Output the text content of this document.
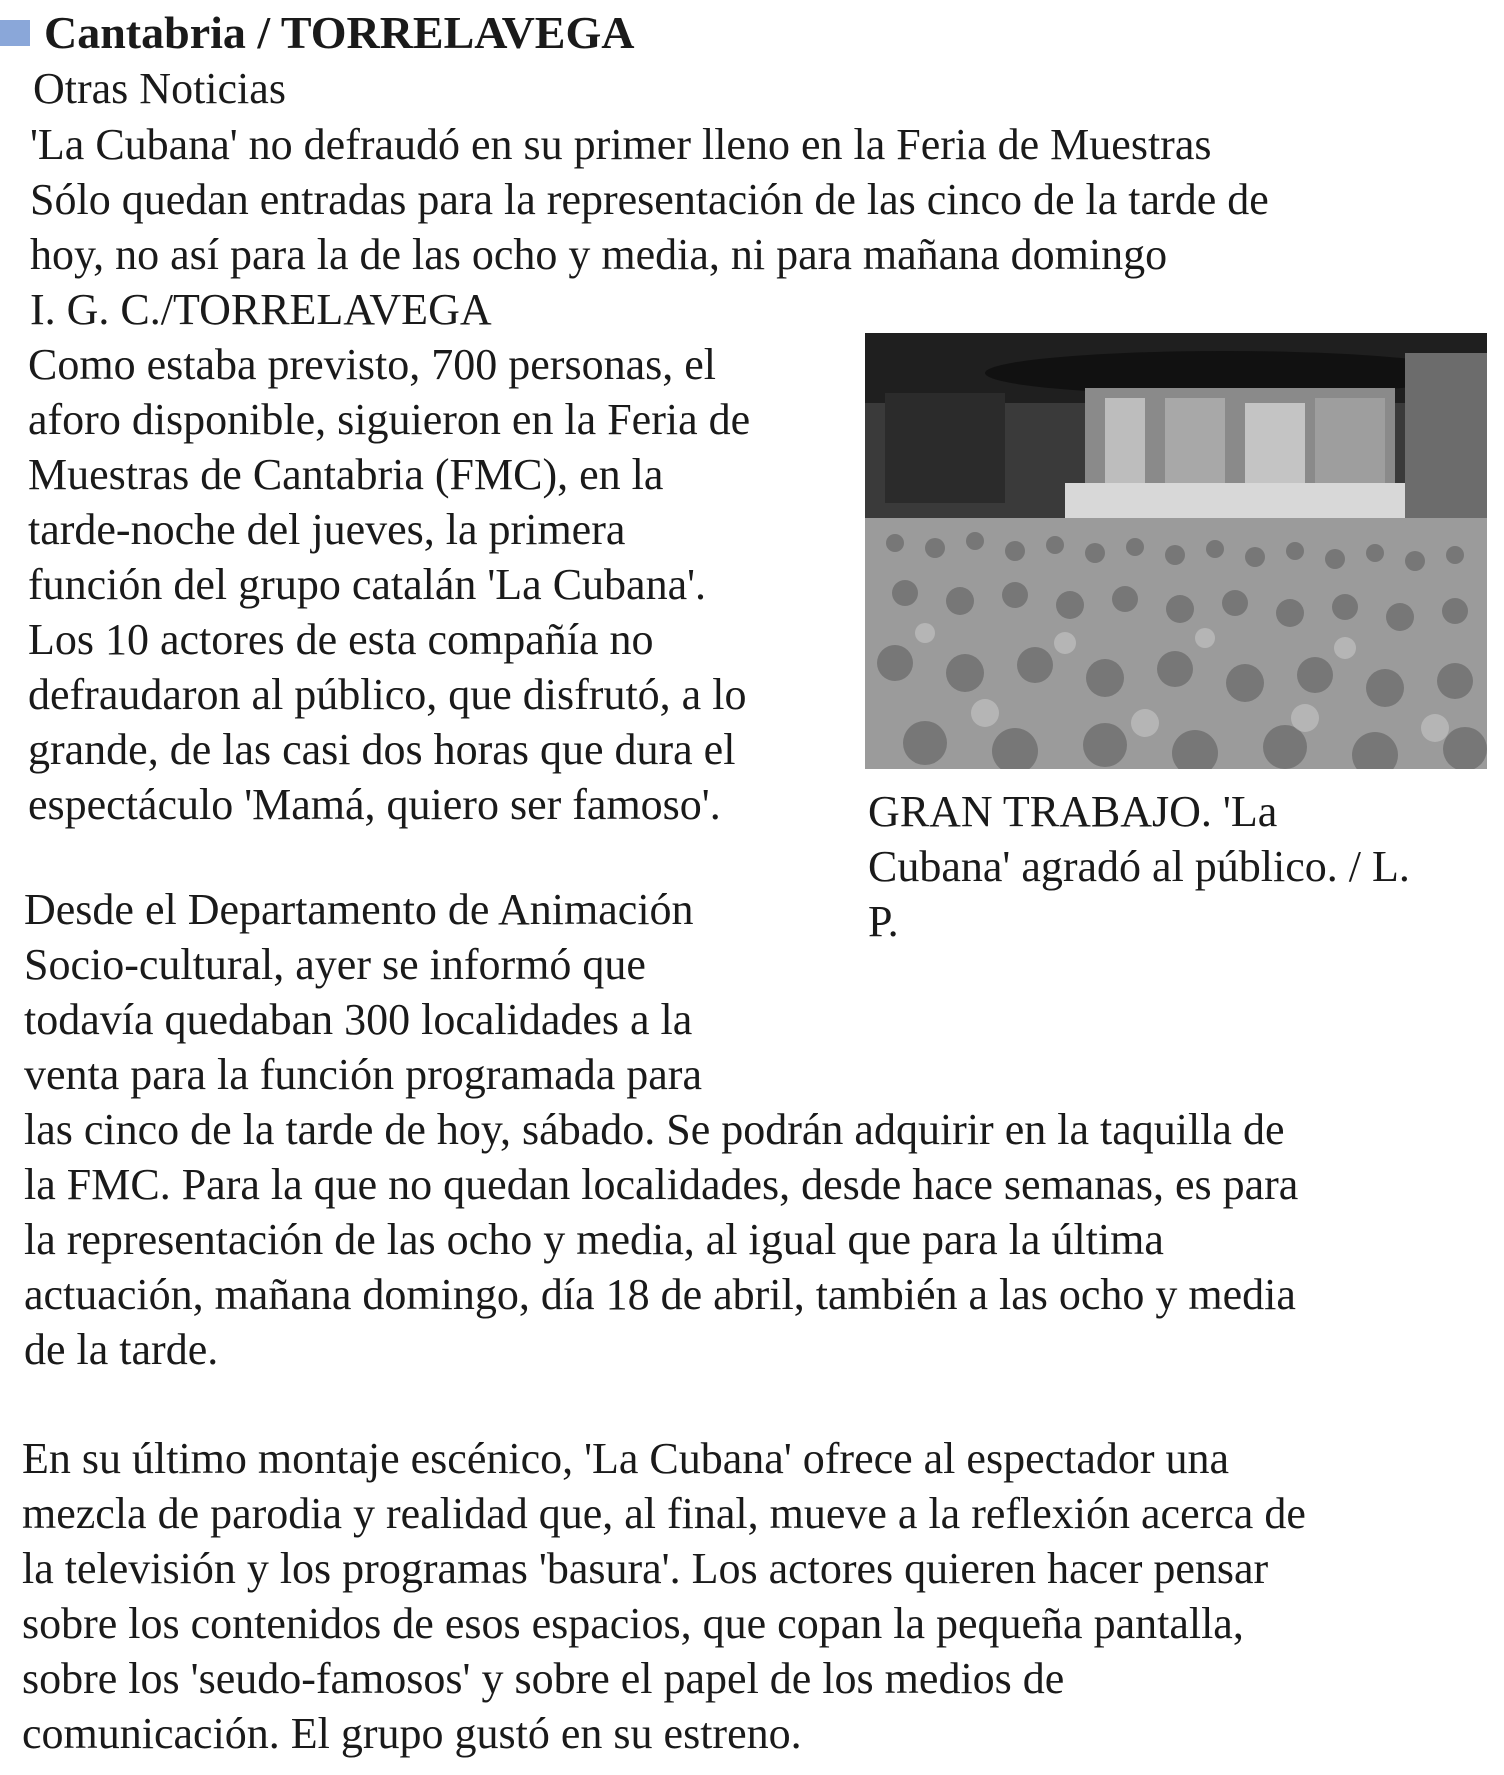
Cantabria / TORRELAVEGA
Otras Noticias
'La Cubana' no defraudó en su primer lleno en la Feria de Muestras
Sólo quedan entradas para la representación de las cinco de la tarde de
hoy, no así para la de las ocho y media, ni para mañana domingo
I. G. C./TORRELAVEGA
Como estaba previsto, 700 personas, el
aforo disponible, siguieron en la Feria de
Muestras de Cantabria (FMC), en la
tarde-noche del jueves, la primera
función del grupo catalán 'La Cubana'.
Los 10 actores de esta compañía no
defraudaron al público, que disfrutó, a lo
grande, de las casi dos horas que dura el
espectáculo 'Mamá, quiero ser famoso'.	GRAN TRABAJO. 'La
Cubana' agradó al público. / L.
P.
Desde el Departamento de Animación
Socio-cultural, ayer se informó que
todavía quedaban 300 localidades a la
venta para la función programada para
las cinco de la tarde de hoy, sábado. Se podrán adquirir en la taquilla de
la FMC. Para la que no quedan localidades, desde hace semanas, es para
la representación de las ocho y media, al igual que para la última
actuación, mañana domingo, día 18 de abril, también a las ocho y media
de la tarde.
En su último montaje escénico, 'La Cubana' ofrece al espectador una
mezcla de parodia y realidad que, al final, mueve a la reflexión acerca de
la televisión y los programas 'basura'. Los actores quieren hacer pensar
sobre los contenidos de esos espacios, que copan la pequeña pantalla,
sobre los 'seudo-famosos' y sobre el papel de los medios de
comunicación. El grupo gustó en su estreno.
